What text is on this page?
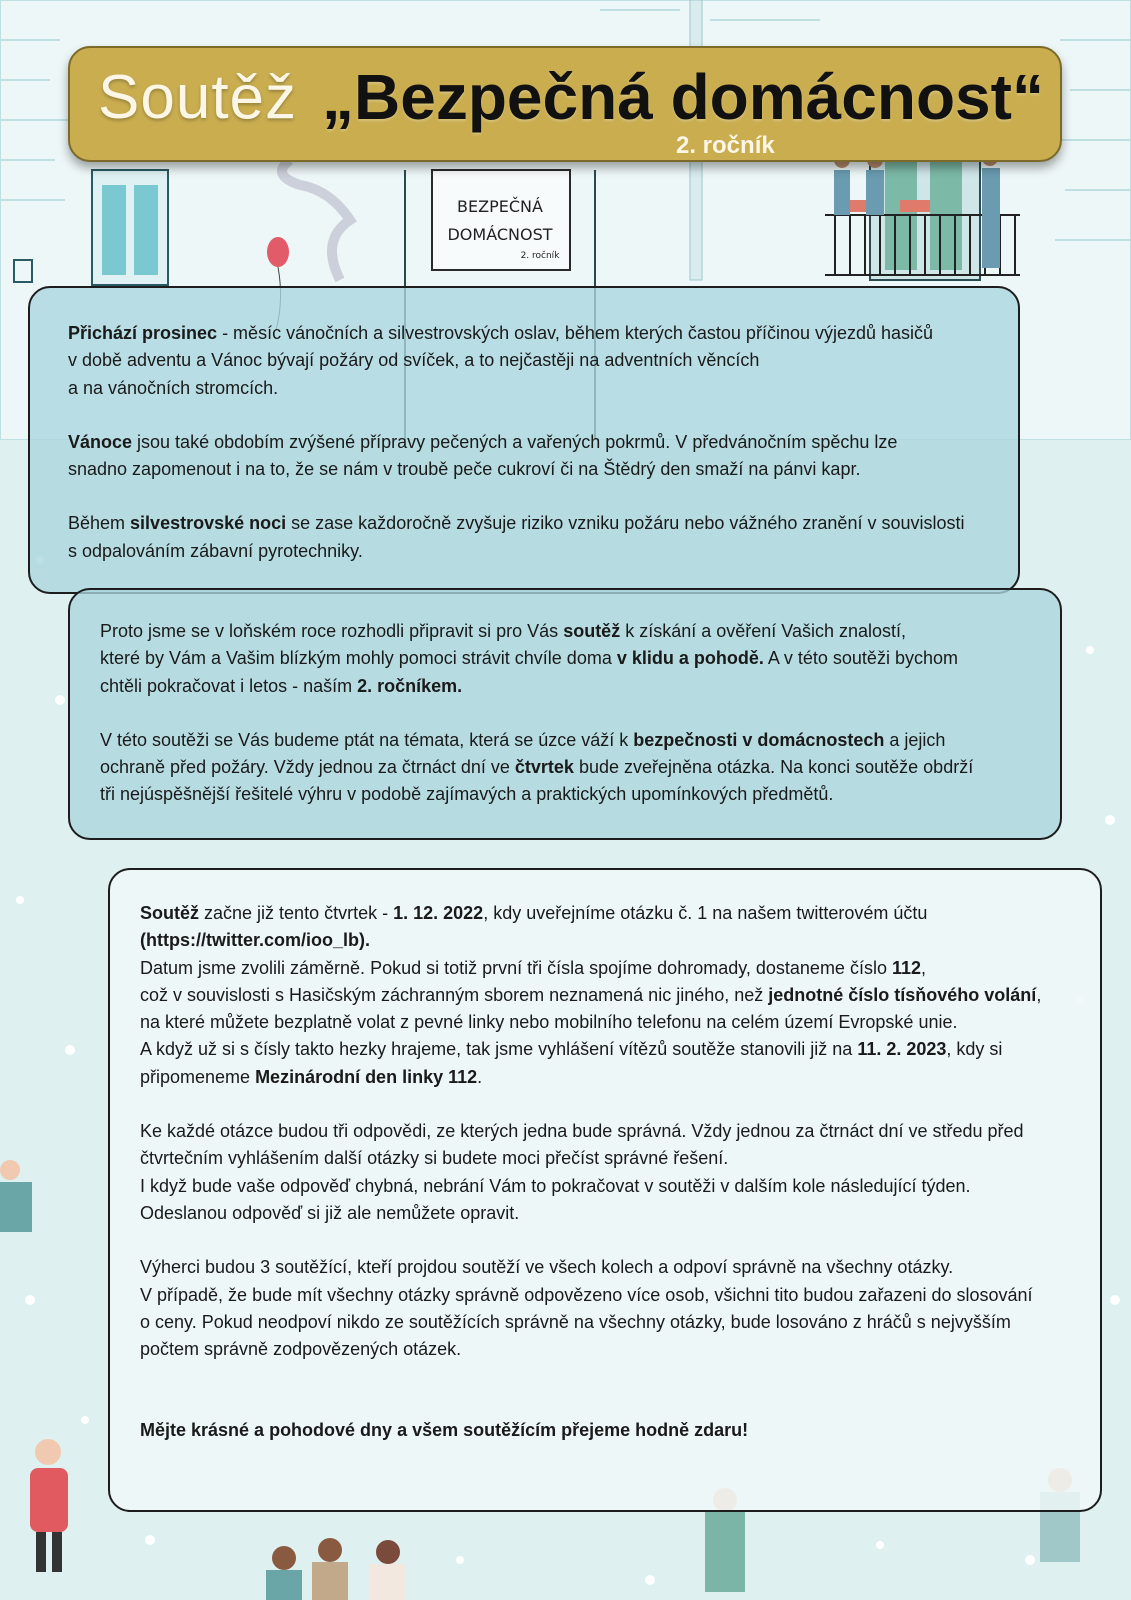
BEZPEČNÁ
DOMÁCNOST
2. ročník
Soutěž „Bezpečná domácnost“
2. ročník

Přichází prosinec - měsíc vánočních a silvestrovských oslav, během kterých častou příčinou výjezdů hasičů
v době adventu a Vánoc bývají požáry od svíček, a to nejčastěji na adventních věncích
a na vánočních stromcích.

Vánoce jsou také obdobím zvýšené přípravy pečených a vařených pokrmů. V předvánočním spěchu lze
snadno zapomenout i na to, že se nám v troubě peče cukroví či na Štědrý den smaží na pánvi kapr.

Během silvestrovské noci se zase každoročně zvyšuje riziko vzniku požáru nebo vážného zranění v souvislosti
s odpalováním zábavní pyrotechniky.

Proto jsme se v loňském roce rozhodli připravit si pro Vás soutěž k získání a ověření Vašich znalostí,
které by Vám a Vašim blízkým mohly pomoci strávit chvíle doma v klidu a pohodě. A v této soutěži bychom
chtěli pokračovat i letos - naším 2. ročníkem.

V této soutěži se Vás budeme ptát na témata, která se úzce váží k bezpečnosti v domácnostech a jejich
ochraně před požáry. Vždy jednou za čtrnáct dní ve čtvrtek bude zveřejněna otázka. Na konci soutěže obdrží
tři nejúspěšnější řešitelé výhru v podobě zajímavých a praktických upomínkových předmětů.

Soutěž začne již tento čtvrtek - 1. 12. 2022, kdy uveřejníme otázku č. 1 na našem twitterovém účtu
(https://twitter.com/ioo_lb).
Datum jsme zvolili záměrně. Pokud si totiž první tři čísla spojíme dohromady, dostaneme číslo 112,
což v souvislosti s Hasičským záchranným sborem neznamená nic jiného, než jednotné číslo tísňového volání,
na které můžete bezplatně volat z pevné linky nebo mobilního telefonu na celém území Evropské unie.
A když už si s čísly takto hezky hrajeme, tak jsme vyhlášení vítězů soutěže stanovili již na 11. 2. 2023, kdy si
připomeneme Mezinárodní den linky 112.

Ke každé otázce budou tři odpovědi, ze kterých jedna bude správná. Vždy jednou za čtrnáct dní ve středu před
čtvrtečním vyhlášením další otázky si budete moci přečíst správné řešení.
I když bude vaše odpověď chybná, nebrání Vám to pokračovat v soutěži v dalším kole následující týden.
Odeslanou odpověď si již ale nemůžete opravit.

Výherci budou 3 soutěžící, kteří projdou soutěží ve všech kolech a odpoví správně na všechny otázky.
V případě, že bude mít všechny otázky správně odpovězeno více osob, všichni tito budou zařazeni do slosování
o ceny. Pokud neodpoví nikdo ze soutěžících správně na všechny otázky, bude losováno z hráčů s nejvyšším
počtem správně zodpovězených otázek.

Mějte krásné a pohodové dny a všem soutěžícím přejeme hodně zdaru!
